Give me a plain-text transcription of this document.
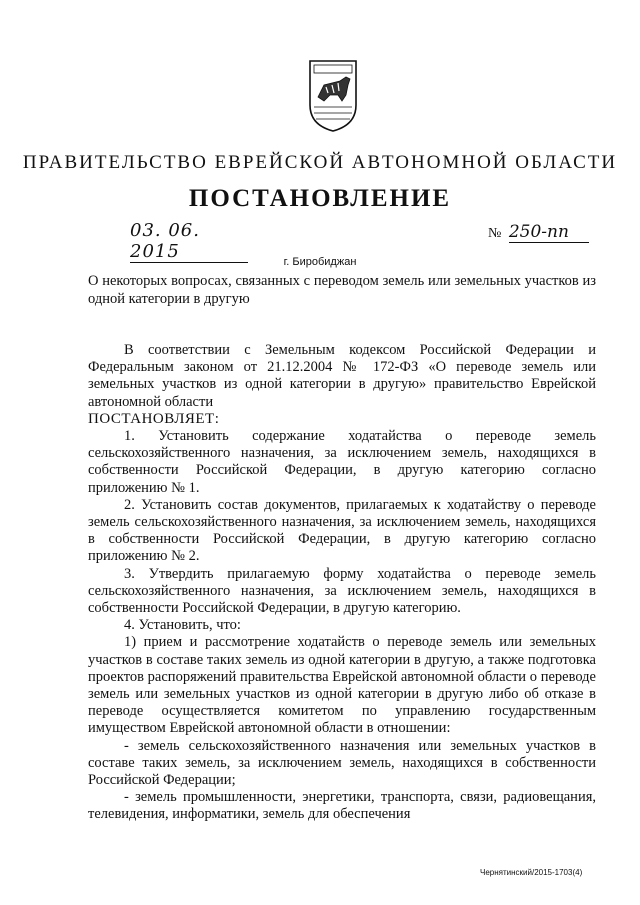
ПРАВИТЕЛЬСТВО ЕВРЕЙСКОЙ АВТОНОМНОЙ ОБЛАСТИ
ПОСТАНОВЛЕНИЕ
03. 06. 2015
№ 250-пп
г. Биробиджан
О некоторых вопросах, связанных с переводом земель или земельных участков из одной категории в другую

В соответствии с Земельным кодексом Российской Федерации и Федеральным законом от 21.12.2004 № 172-ФЗ «О переводе земель или земельных участков из одной категории в другую» правительство Еврейской автономной области

ПОСТАНОВЛЯЕТ:

1. Установить содержание ходатайства о переводе земель сельскохозяйственного назначения, за исключением земель, находящихся в собственности Российской Федерации, в другую категорию согласно приложению № 1.

2. Установить состав документов, прилагаемых к ходатайству о переводе земель сельскохозяйственного назначения, за исключением земель, находящихся в собственности Российской Федерации, в другую категорию согласно приложению № 2.

3. Утвердить прилагаемую форму ходатайства о переводе земель сельскохозяйственного назначения, за исключением земель, находящихся в собственности Российской Федерации, в другую категорию.

4. Установить, что:

1) прием и рассмотрение ходатайств о переводе земель или земельных участков в составе таких земель из одной категории в другую, а также подготовка проектов распоряжений правительства Еврейской автономной области о переводе земель или земельных участков из одной категории в другую либо об отказе в переводе осуществляется комитетом по управлению государственным имуществом Еврейской автономной области в отношении:

- земель сельскохозяйственного назначения или земельных участков в составе таких земель, за исключением земель, находящихся в собственности Российской Федерации;

- земель промышленности, энергетики, транспорта, связи, радиовещания, телевидения, информатики, земель для обеспечения

Чернятинский/2015-1703(4)
